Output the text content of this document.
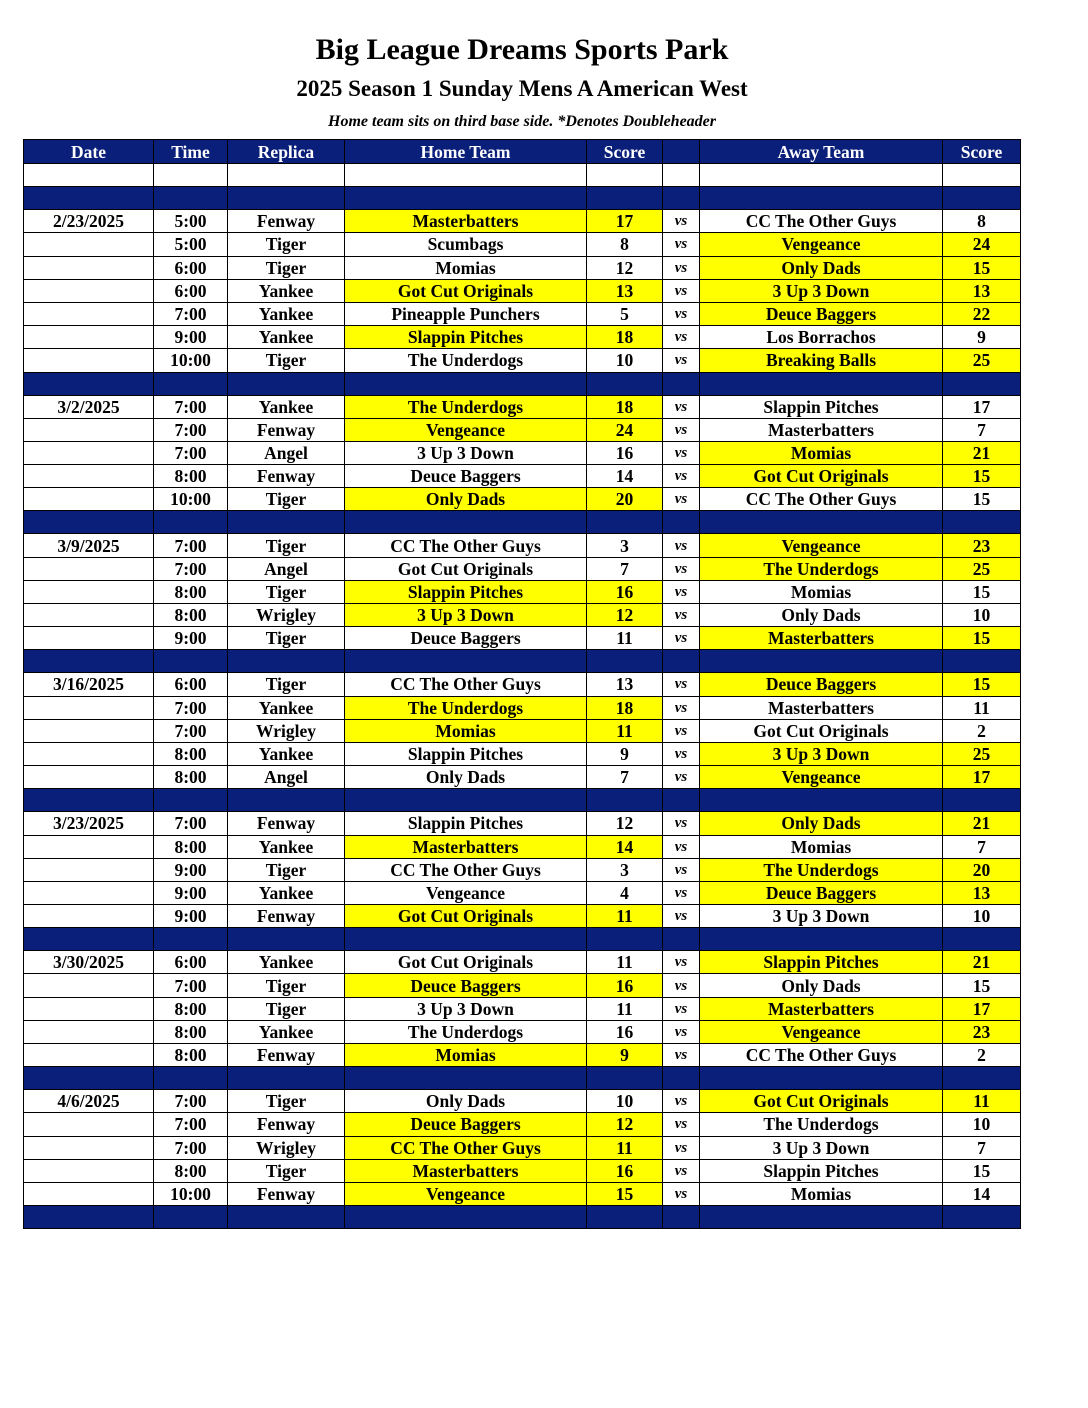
Big League Dreams Sports Park
2025 Season 1 Sunday Mens A American West
Home team sits on third base side. *Denotes Doubleheader
Date	Time	Replica	Home Team	Score		Away Team	Score

2/23/2025	5:00	Fenway	Masterbatters	17	vs	CC The Other Guys	8
	5:00	Tiger	Scumbags	8	vs	Vengeance	24
	6:00	Tiger	Momias	12	vs	Only Dads	15
	6:00	Yankee	Got Cut Originals	13	vs	3 Up 3 Down	13
	7:00	Yankee	Pineapple Punchers	5	vs	Deuce Baggers	22
	9:00	Yankee	Slappin Pitches	18	vs	Los Borrachos	9
	10:00	Tiger	The Underdogs	10	vs	Breaking Balls	25

3/2/2025	7:00	Yankee	The Underdogs	18	vs	Slappin Pitches	17
	7:00	Fenway	Vengeance	24	vs	Masterbatters	7
	7:00	Angel	3 Up 3 Down	16	vs	Momias	21
	8:00	Fenway	Deuce Baggers	14	vs	Got Cut Originals	15
	10:00	Tiger	Only Dads	20	vs	CC The Other Guys	15

3/9/2025	7:00	Tiger	CC The Other Guys	3	vs	Vengeance	23
	7:00	Angel	Got Cut Originals	7	vs	The Underdogs	25
	8:00	Tiger	Slappin Pitches	16	vs	Momias	15
	8:00	Wrigley	3 Up 3 Down	12	vs	Only Dads	10
	9:00	Tiger	Deuce Baggers	11	vs	Masterbatters	15

3/16/2025	6:00	Tiger	CC The Other Guys	13	vs	Deuce Baggers	15
	7:00	Yankee	The Underdogs	18	vs	Masterbatters	11
	7:00	Wrigley	Momias	11	vs	Got Cut Originals	2
	8:00	Yankee	Slappin Pitches	9	vs	3 Up 3 Down	25
	8:00	Angel	Only Dads	7	vs	Vengeance	17

3/23/2025	7:00	Fenway	Slappin Pitches	12	vs	Only Dads	21
	8:00	Yankee	Masterbatters	14	vs	Momias	7
	9:00	Tiger	CC The Other Guys	3	vs	The Underdogs	20
	9:00	Yankee	Vengeance	4	vs	Deuce Baggers	13
	9:00	Fenway	Got Cut Originals	11	vs	3 Up 3 Down	10

3/30/2025	6:00	Yankee	Got Cut Originals	11	vs	Slappin Pitches	21
	7:00	Tiger	Deuce Baggers	16	vs	Only Dads	15
	8:00	Tiger	3 Up 3 Down	11	vs	Masterbatters	17
	8:00	Yankee	The Underdogs	16	vs	Vengeance	23
	8:00	Fenway	Momias	9	vs	CC The Other Guys	2

4/6/2025	7:00	Tiger	Only Dads	10	vs	Got Cut Originals	11
	7:00	Fenway	Deuce Baggers	12	vs	The Underdogs	10
	7:00	Wrigley	CC The Other Guys	11	vs	3 Up 3 Down	7
	8:00	Tiger	Masterbatters	16	vs	Slappin Pitches	15
	10:00	Fenway	Vengeance	15	vs	Momias	14
